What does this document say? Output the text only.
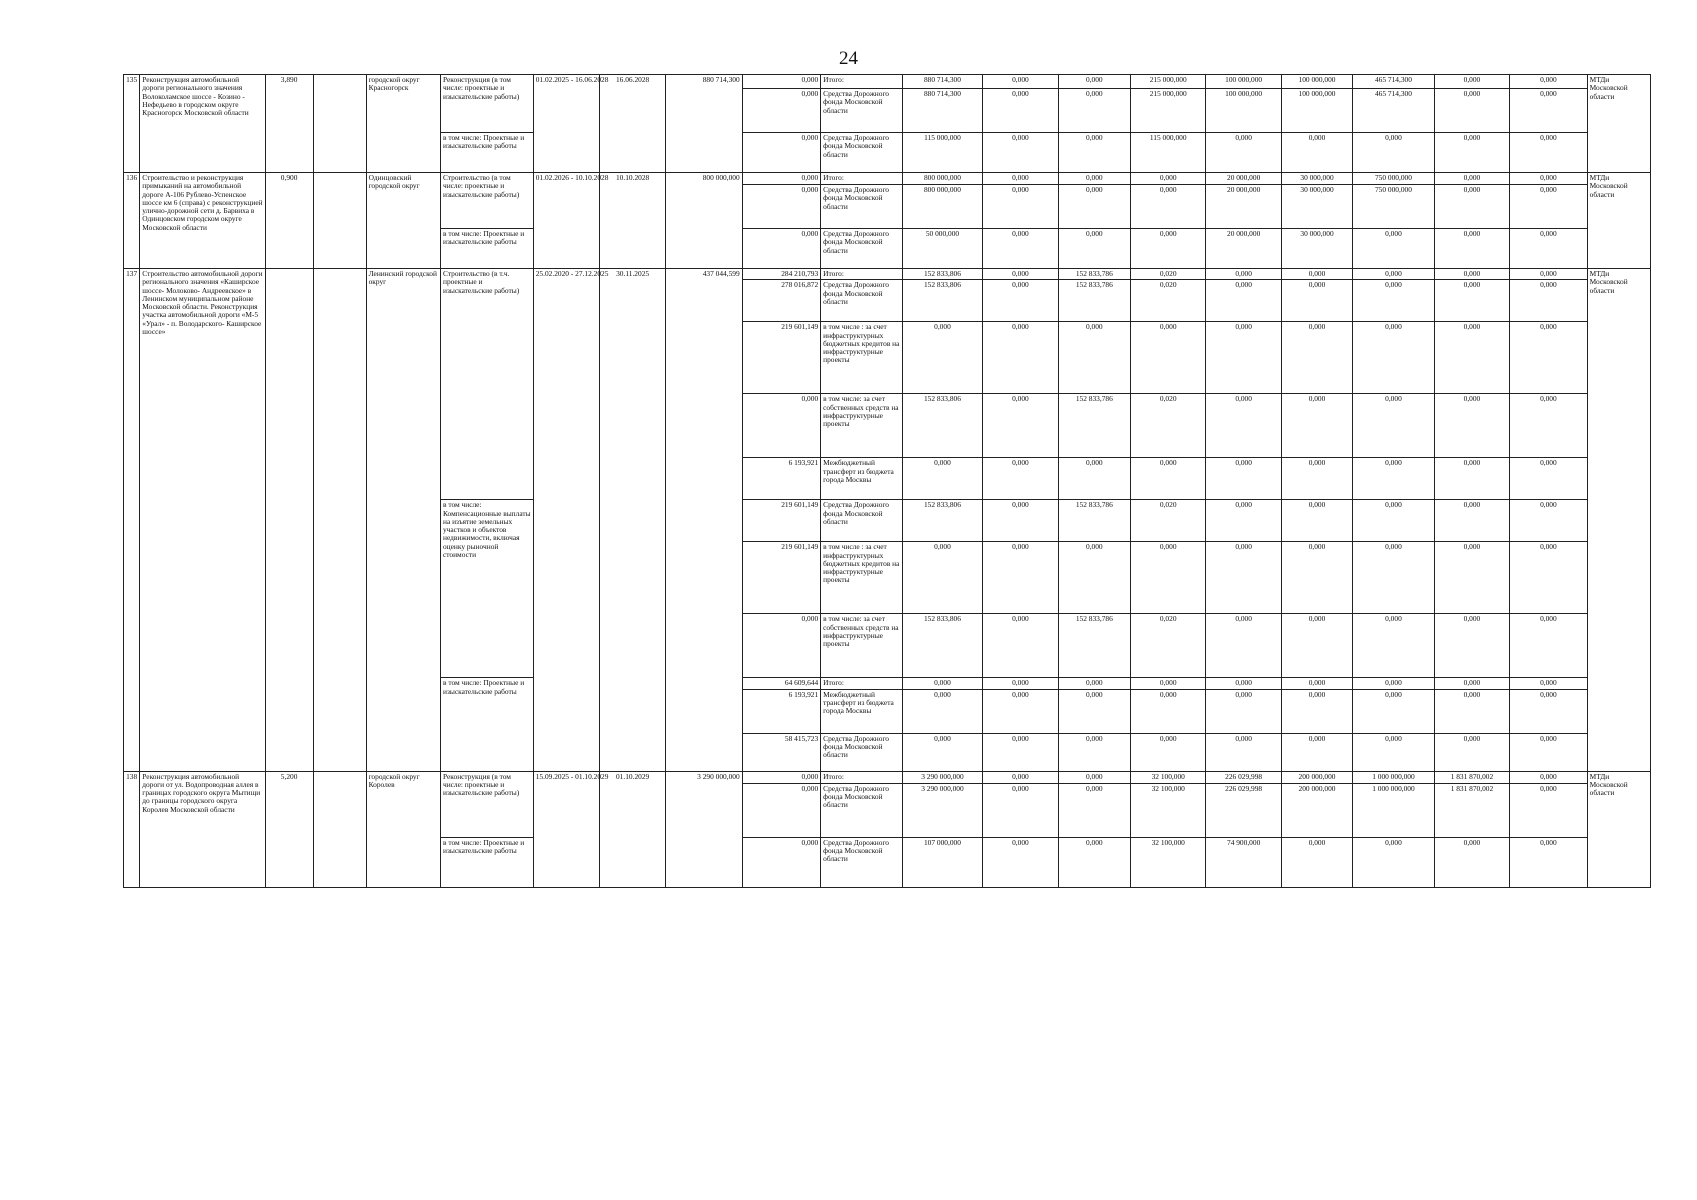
24
135	Реконструкция автомобильной дороги регионального значения Волоколамское шоссе - Козино - Нефедьево в городском округе Красногорск Московской области	3,890		городской округ Красногорск	Реконструкция (в том числе: проектные и изыскательские работы)	01.02.2025 - 16.06.2028	16.06.2028	880 714,300	0,000	Итого:	880 714,300	0,000	0,000	215 000,000	100 000,000	100 000,000	465 714,300	0,000	0,000	МТДи Московской области
									0,000	Средства Дорожного фонда Московской области	880 714,300	0,000	0,000	215 000,000	100 000,000	100 000,000	465 714,300	0,000	0,000	
					в том числе: Проектные и изыскательские работы				0,000	Средства Дорожного фонда Московской области	115 000,000	0,000	0,000	115 000,000	0,000	0,000	0,000	0,000	0,000	
136	Строительство и реконструкция примыканий на автомобильной дороге А-106 Рублево-Успенское шоссе км 6 (справа) с реконструкцией улично-дорожной сети д. Барвиха в Одинцовском городском округе Московской области	0,900		Одинцовский городской округ	Строительство (в том числе: проектные и изыскательские работы)	01.02.2026 - 10.10.2028	10.10.2028	800 000,000	0,000	Итого:	800 000,000	0,000	0,000	0,000	20 000,000	30 000,000	750 000,000	0,000	0,000	МТДи Московской области
									0,000	Средства Дорожного фонда Московской области	800 000,000	0,000	0,000	0,000	20 000,000	30 000,000	750 000,000	0,000	0,000	
					в том числе: Проектные и изыскательские работы				0,000	Средства Дорожного фонда Московской области	50 000,000	0,000	0,000	0,000	20 000,000	30 000,000	0,000	0,000	0,000	
137	Строительство автомобильной дороги регионального значения «Каширское шоссе- Молоково- Андреевское» в Ленинском муниципальном районе Московской области. Реконструкция участка автомобильной дороги «М-5 «Урал» - п. Володарского- Каширское шоссе»			Ленинский городской округ	Строительство (в т.ч. проектные и изыскательские работы)	25.02.2020 - 27.12.2025	30.11.2025	437 044,599	284 210,793	Итого:	152 833,806	0,000	152 833,786	0,020	0,000	0,000	0,000	0,000	0,000	МТДи Московской области
									278 016,872	Средства Дорожного фонда Московской области	152 833,806	0,000	152 833,786	0,020	0,000	0,000	0,000	0,000	0,000	
									219 601,149	в том числе : за счет инфраструктурных бюджетных кредитов на инфраструктурные проекты	0,000	0,000	0,000	0,000	0,000	0,000	0,000	0,000	0,000	
									0,000	в том числе: за счет собственных средств на инфраструктурные проекты	152 833,806	0,000	152 833,786	0,020	0,000	0,000	0,000	0,000	0,000	
									6 193,921	Межбюджетный трансферт из бюджета города Москвы	0,000	0,000	0,000	0,000	0,000	0,000	0,000	0,000	0,000	
					в том числе: Компенсационные выплаты на изъятие земельных участков и объектов недвижимости, включая оценку рыночной стоимости				219 601,149	Средства Дорожного фонда Московской области	152 833,806	0,000	152 833,786	0,020	0,000	0,000	0,000	0,000	0,000	
									219 601,149	в том числе : за счет инфраструктурных бюджетных кредитов на инфраструктурные проекты	0,000	0,000	0,000	0,000	0,000	0,000	0,000	0,000	0,000	
									0,000	в том числе: за счет собственных средств на инфраструктурные проекты	152 833,806	0,000	152 833,786	0,020	0,000	0,000	0,000	0,000	0,000	
					в том числе: Проектные и изыскательские работы				64 609,644	Итого:	0,000	0,000	0,000	0,000	0,000	0,000	0,000	0,000	0,000	
									6 193,921	Межбюджетный трансферт из бюджета города Москвы	0,000	0,000	0,000	0,000	0,000	0,000	0,000	0,000	0,000	
									58 415,723	Средства Дорожного фонда Московской области	0,000	0,000	0,000	0,000	0,000	0,000	0,000	0,000	0,000	
138	Реконструкция автомобильной дороги от ул. Водопроводная аллея в границах городского округа Мытищи до границы городского округа Королев Московской области	5,200		городской округ Королев	Реконструкция (в том числе: проектные и изыскательские работы)	15.09.2025 - 01.10.2029	01.10.2029	3 290 000,000	0,000	Итого:	3 290 000,000	0,000	0,000	32 100,000	226 029,998	200 000,000	1 000 000,000	1 831 870,002	0,000	МТДи Московской области
									0,000	Средства Дорожного фонда Московской области	3 290 000,000	0,000	0,000	32 100,000	226 029,998	200 000,000	1 000 000,000	1 831 870,002	0,000	
					в том числе: Проектные и изыскательские работы				0,000	Средства Дорожного фонда Московской области	107 000,000	0,000	0,000	32 100,000	74 900,000	0,000	0,000	0,000	0,000	
